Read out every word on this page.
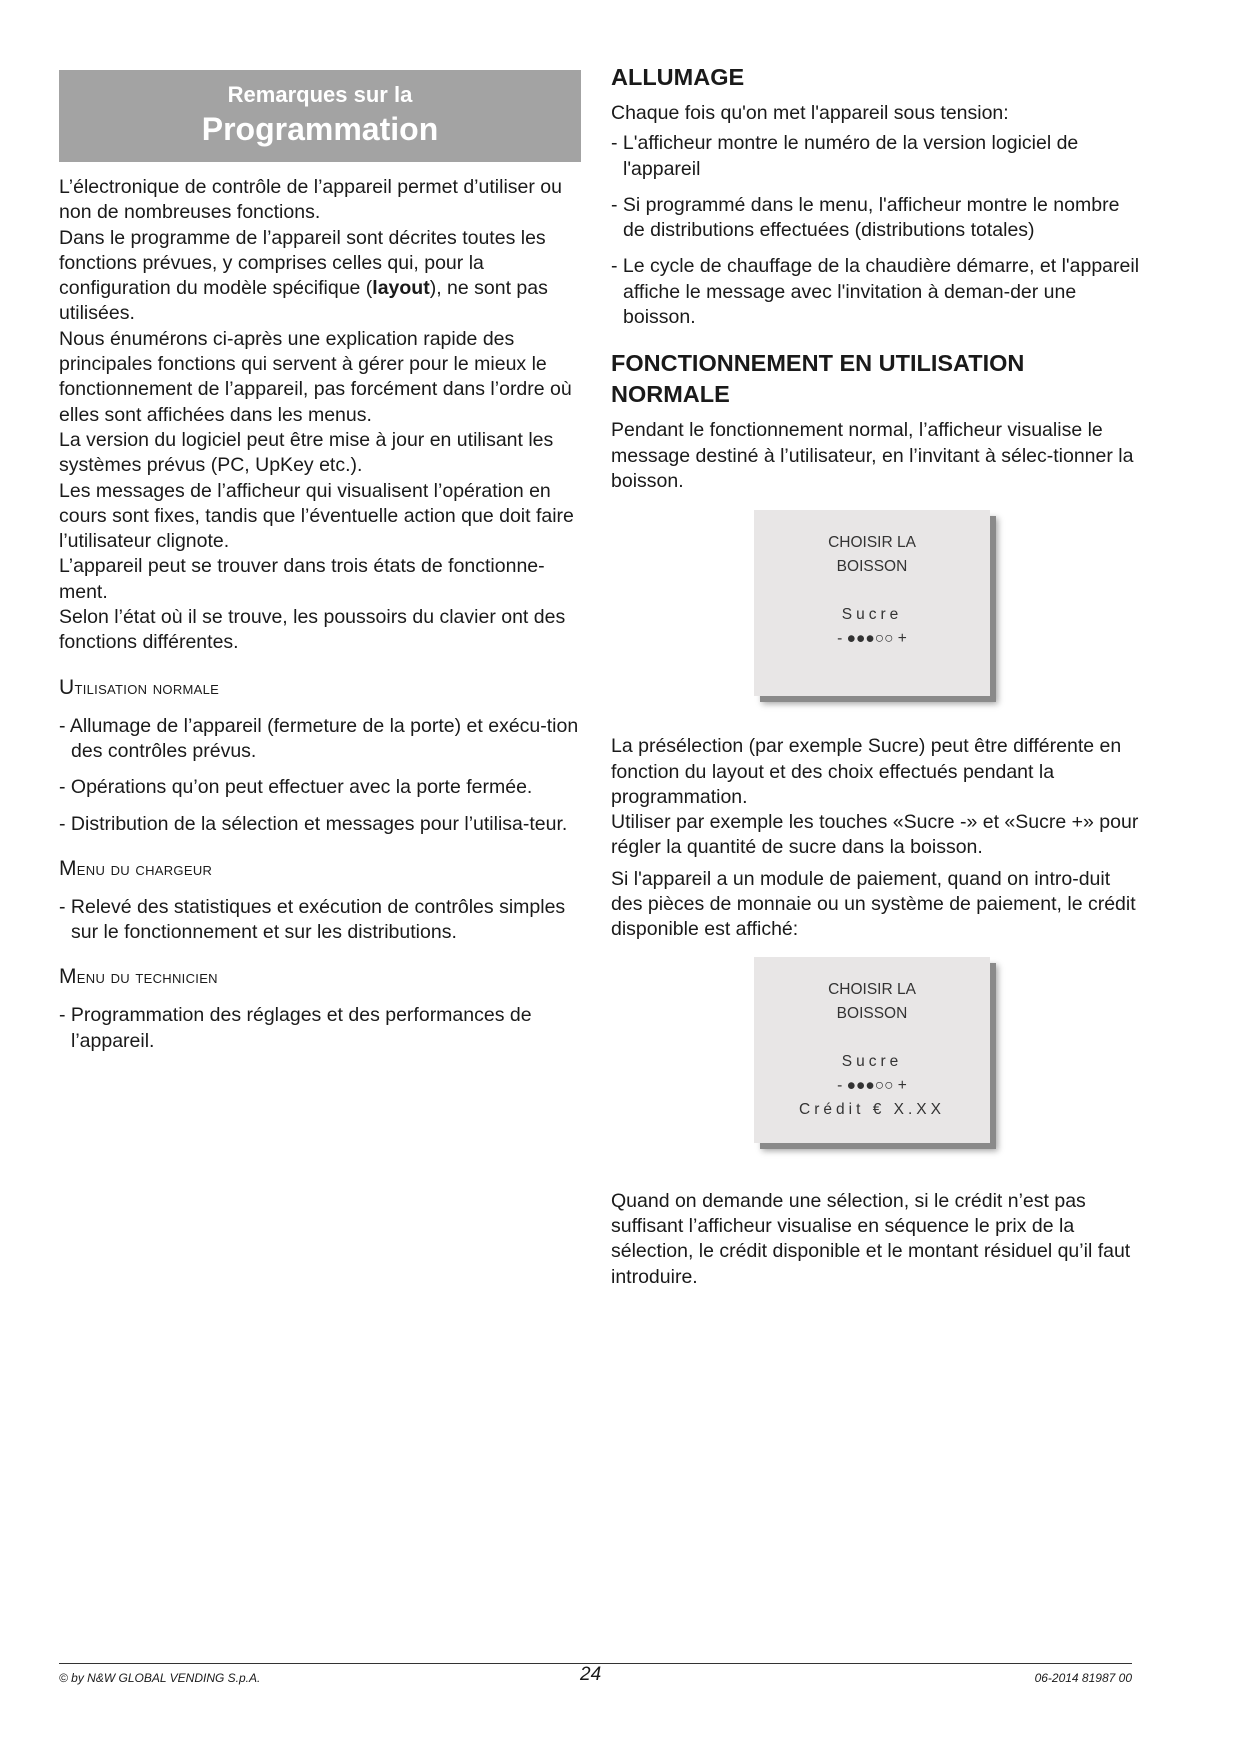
Remarques sur la
Programmation

L’électronique de contrôle de l’appareil permet d’utiliser ou non de nombreuses fonctions.

Dans le programme de l’appareil sont décrites toutes les fonctions prévues, y comprises celles qui, pour la configuration du modèle spécifique (layout), ne sont pas utilisées.

Nous énumérons ci-après une explication rapide des principales fonctions qui servent à gérer pour le mieux le fonctionnement de l’appareil, pas forcément dans l’ordre où elles sont affichées dans les menus.

La version du logiciel peut être mise à jour en utilisant les systèmes prévus (PC, UpKey etc.).

Les messages de l’afficheur qui visualisent l’opération en cours sont fixes, tandis que l’éventuelle action que doit faire l’utilisateur clignote.

L’appareil peut se trouver dans trois états de fonctionne-ment.

Selon l’état où il se trouve, les poussoirs du clavier ont des fonctions différentes.

Utilisation normale
- Allumage de l’appareil (fermeture de la porte) et exécu-tion des contrôles prévus.
- Opérations qu’on peut effectuer avec la porte fermée.
- Distribution de la sélection et messages pour l’utilisa-teur.
Menu du chargeur
- Relevé des statistiques et exécution de contrôles simples sur le fonctionnement et sur les distributions.
Menu du technicien
- Programmation des réglages et des performances de l’appareil.
ALLUMAGE

Chaque fois qu'on met l'appareil sous tension:

- L'afficheur montre le numéro de la version logiciel de l'appareil
- Si programmé dans le menu, l'afficheur montre le nombre de distributions effectuées (distributions totales)
- Le cycle de chauffage de la chaudière démarre, et l'appareil affiche le message avec l'invitation à deman-der une boisson.
FONCTIONNEMENT EN UTILISATION NORMALE

Pendant le fonctionnement normal, l’afficheur visualise le message destiné à l’utilisateur, en l’invitant à sélec-tionner la boisson.

CHOISIR LA
BOISSON
Sucre
- ●●●○○ +

La présélection (par exemple Sucre) peut être différente en fonction du layout et des choix effectués pendant la programmation.

Utiliser par exemple les touches «Sucre -» et «Sucre +» pour régler la quantité de sucre dans la boisson.

Si l'appareil a un module de paiement, quand on intro-duit des pièces de monnaie ou un système de paiement, le crédit disponible est affiché:

CHOISIR LA
BOISSON
Sucre
- ●●●○○ +
Crédit € X.XX

Quand on demande une sélection, si le crédit n’est pas suffisant l’afficheur visualise en séquence le prix de la sélection, le crédit disponible et le montant résiduel qu’il faut introduire.

© by N&W GLOBAL VENDING S.p.A.	24	06-2014 81987 00
